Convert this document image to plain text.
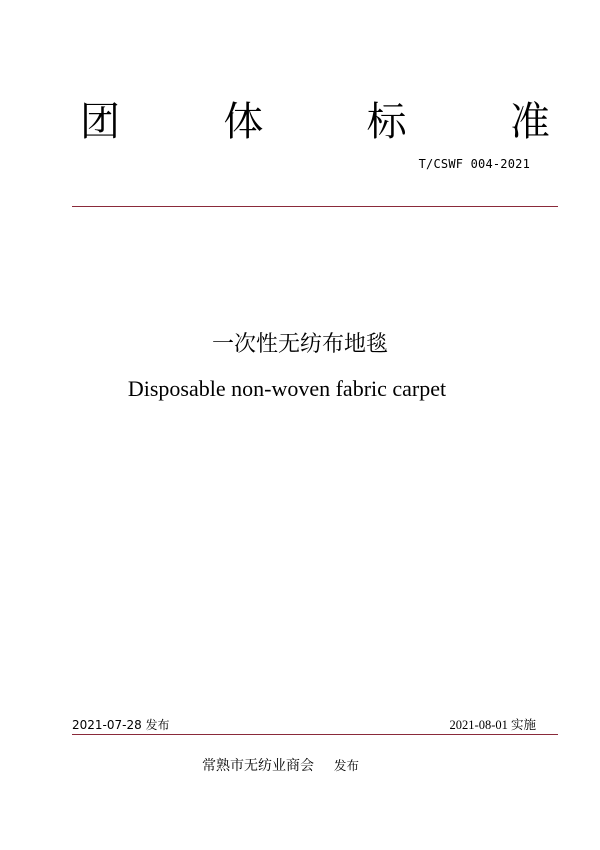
团	体	标	准
T/CSWF 004-2021
一次性无纺布地毯
Disposable non-woven fabric carpet
2021-07-28 发布	2021-08-01 实施
常熟市无纺业商会 发布
